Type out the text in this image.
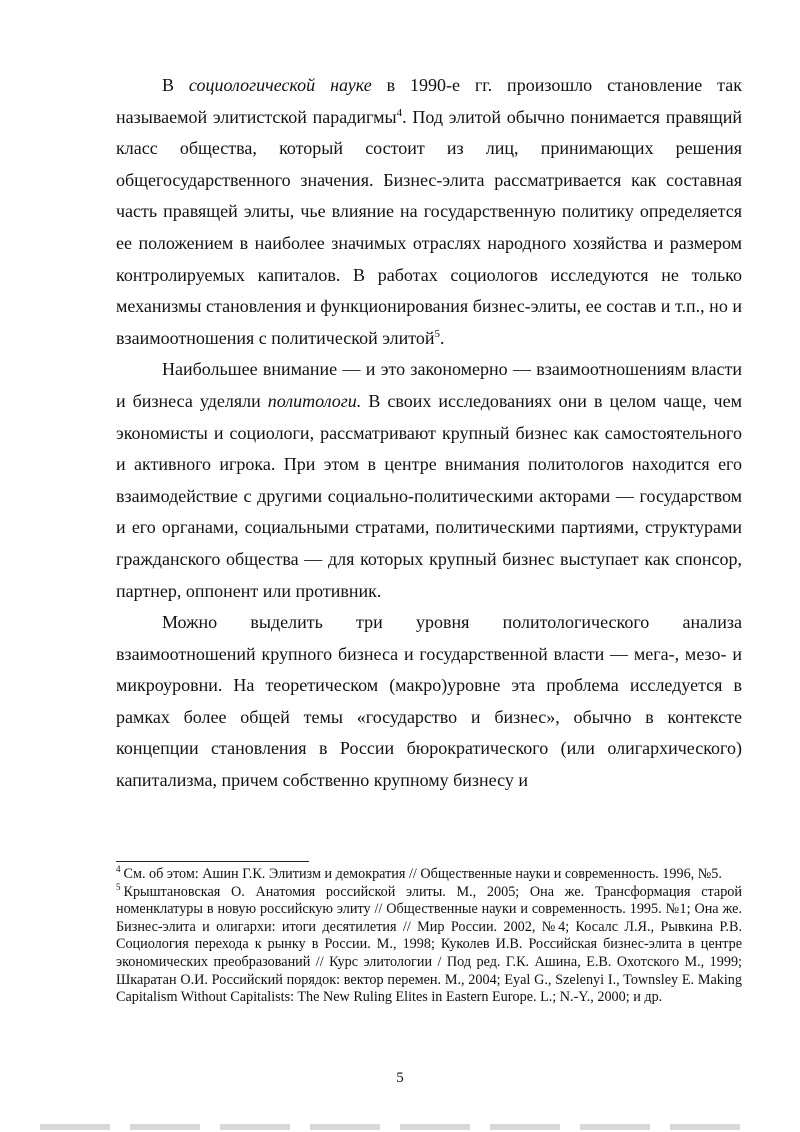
В социологической науке в 1990-е гг. произошло становление так называемой элитистской парадигмы$^4$. Под элитой обычно понимается правящий класс общества, который состоит из лиц, принимающих решения общегосударственного значения. Бизнес-элита рассматривается как составная часть правящей элиты, чье влияние на государственную политику определяется ее положением в наиболее значимых отраслях народного хозяйства и размером контролируемых капиталов. В работах социологов исследуются не только механизмы становления и функционирования бизнес-элиты, ее состав и т.п., но и взаимоотношения с политической элитой$^5$.

Наибольшее внимание — и это закономерно — взаимоотношениям власти и бизнеса уделяли политологи. В своих исследованиях они в целом чаще, чем экономисты и социологи, рассматривают крупный бизнес как самостоятельного и активного игрока. При этом в центре внимания политологов находится его взаимодействие с другими социально-политическими акторами — государством и его органами, социальными стратами, политическими партиями, структурами гражданского общества — для которых крупный бизнес выступает как спонсор, партнер, оппонент или противник.

Можно выделить три уровня политологического анализа взаимоотношений крупного бизнеса и государственной власти — мега-, мезо- и микроуровни. На теоретическом (макро)уровне эта проблема исследуется в рамках более общей темы «государство и бизнес», обычно в контексте концепции становления в России бюрократического (или олигархического) капитализма, причем собственно крупному бизнесу и

$^4$ См. об этом: Ашин Г.К. Элитизм и демократия // Общественные науки и современность. 1996, №5.

$^5$ Крыштановская О. Анатомия российской элиты. М., 2005; Она же. Трансформация старой номенклатуры в новую российскую элиту // Общественные науки и современность. 1995. №1; Она же. Бизнес-элита и олигархи: итоги десятилетия // Мир России. 2002, №4; Косалс Л.Я., Рывкина Р.В. Социология перехода к рынку в России. М., 1998; Куколев И.В. Российская бизнес-элита в центре экономических преобразований // Курс элитологии / Под ред. Г.К. Ашина, Е.В. Охотского М., 1999; Шкаратан О.И. Российский порядок: вектор перемен. М., 2004; Eyal G., Szelenyi I., Townsley E. Making Capitalism Without Capitalists: The New Ruling Elites in Eastern Europe. L.; N.-Y., 2000; и др.

5
